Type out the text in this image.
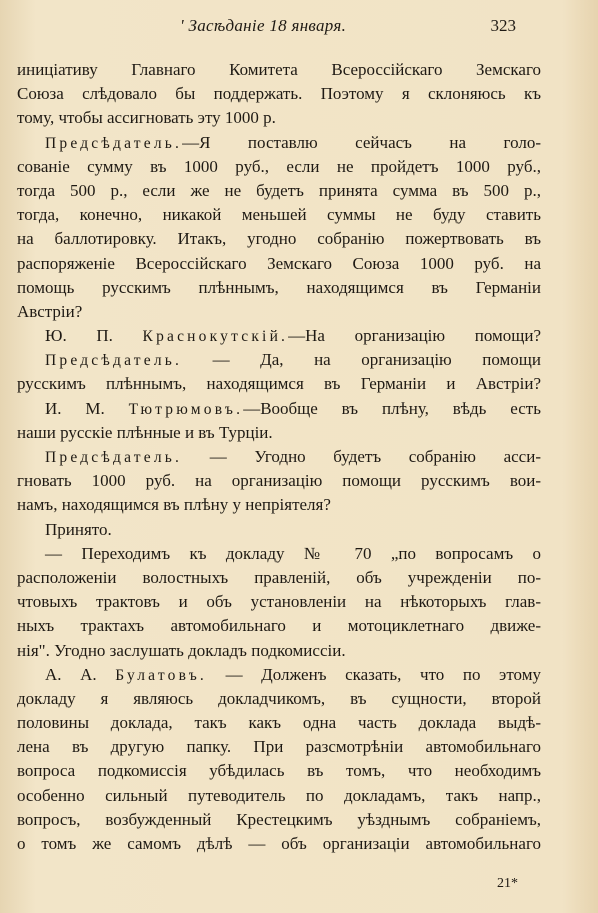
' Засѣданіе 18 января.	323
иниціативу Главнаго Комитета Всероссійскаго Земскаго
Союза слѣдовало бы поддержать. Поэтому я склоняюсь къ
тому, чтобы ассигновать эту 1000 р.
Предсѣдатель.—Я поставлю сейчасъ на голо-
сованіе сумму въ 1000 руб., если не пройдетъ 1000 руб.,
тогда 500 р., если же не будетъ принята сумма въ 500 р.,
тогда, конечно, никакой меньшей суммы не буду ставить
на баллотировку. Итакъ, угодно собранію пожертвовать въ
распоряженіе Всероссійскаго Земскаго Союза 1000 руб. на
помощь русскимъ плѣннымъ, находящимся въ Германіи
Австріи?
Ю. П. Краснокутскій.—На организацію помощи?
Предсѣдатель. — Да, на организацію помощи
русскимъ плѣннымъ, находящимся въ Германіи и Австріи?
И. М. Тютрюмовъ.—Вообще въ плѣну, вѣдь есть
наши русскіе плѣнные и въ Турціи.
Предсѣдатель. — Угодно будетъ собранію асси-
гновать 1000 руб. на организацію помощи русскимъ вои-
намъ, находящимся въ плѣну у непріятеля?
Принято.
— Переходимъ къ докладу № 70 „по вопросамъ о
расположеніи волостныхъ правленій, объ учрежденіи по-
чтовыхъ трактовъ и объ установленіи на нѣкоторыхъ глав-
ныхъ трактахъ автомобильнаго и мотоциклетнаго движе-
нія". Угодно заслушать докладъ подкомиссіи.
А. А. Булатовъ. — Долженъ сказать, что по этому
докладу я являюсь докладчикомъ, въ сущности, второй
половины доклада, такъ какъ одна часть доклада выдѣ-
лена въ другую папку. При разсмотрѣніи автомобильнаго
вопроса подкомиссія убѣдилась въ томъ, что необходимъ
особенно сильный путеводитель по докладамъ, такъ напр.,
вопросъ, возбужденный Крестецкимъ уѣзднымъ собраніемъ,
о томъ же самомъ дѣлѣ — объ организаціи автомобильнаго
21*
